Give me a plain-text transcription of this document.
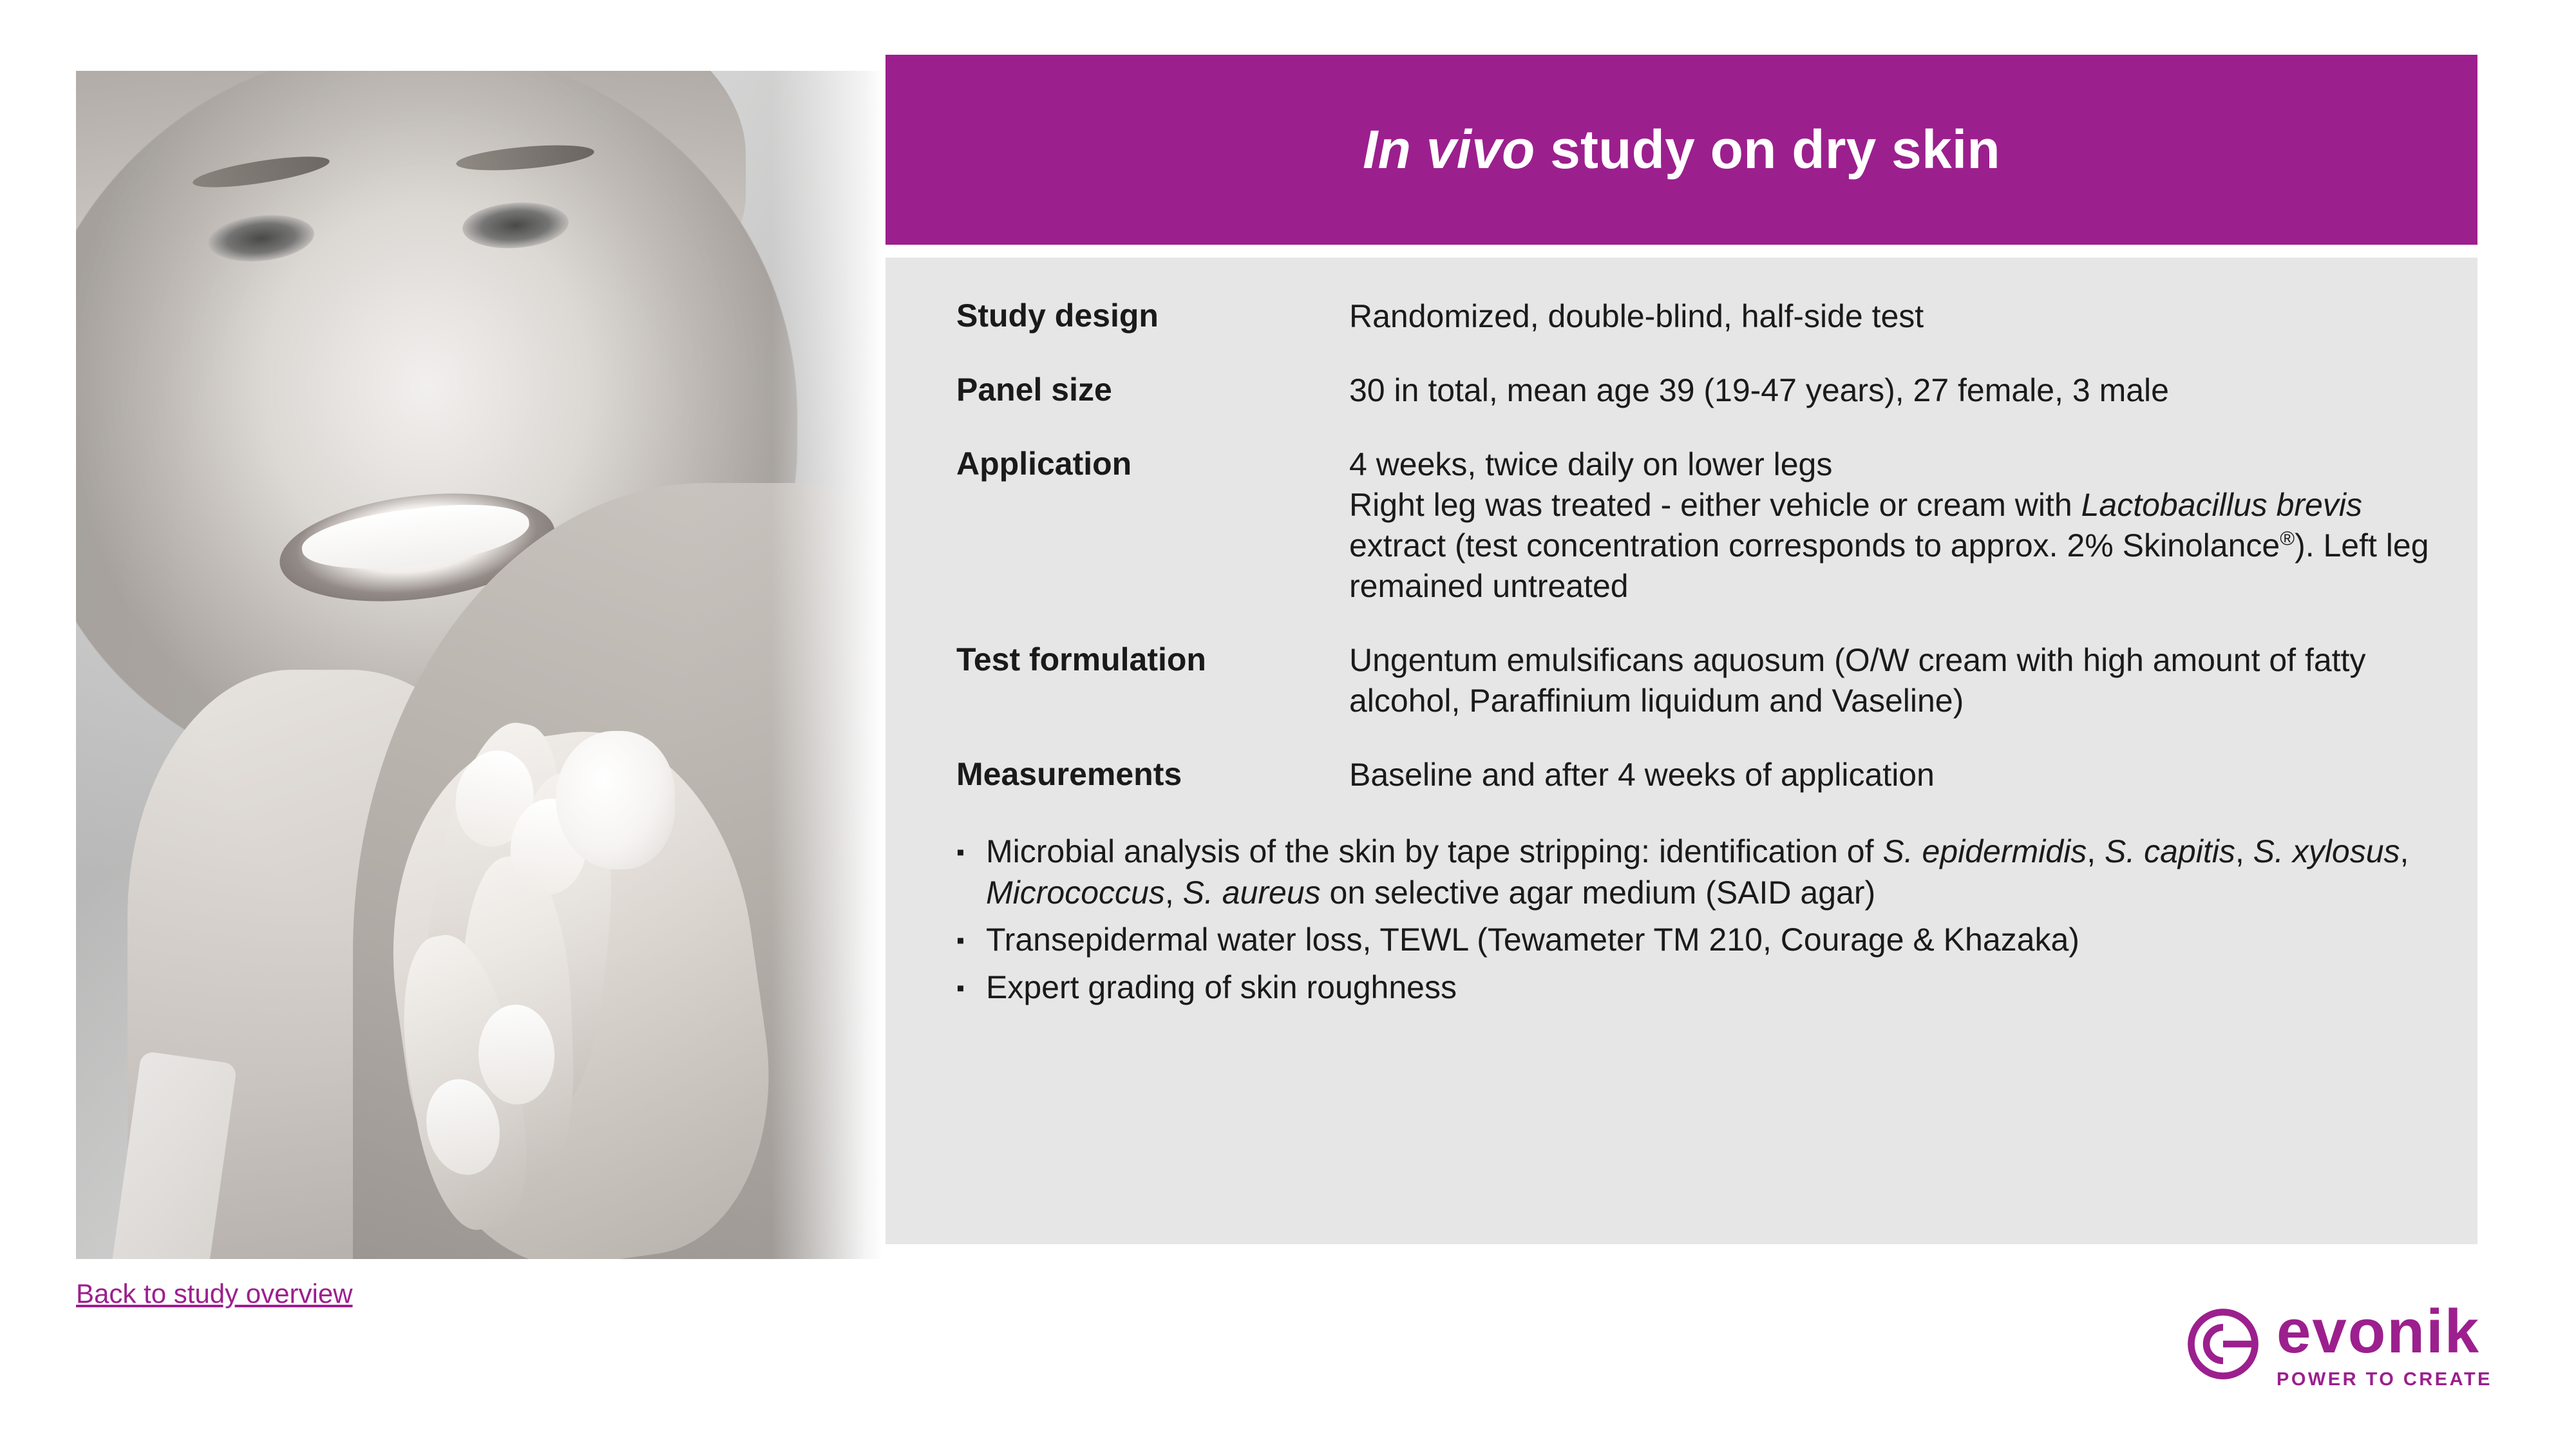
In vivo study on dry skin
Study design	Randomized, double-blind, half-side test
Panel size	30 in total, mean age 39 (19-47 years), 27 female, 3 male
Application	4 weeks, twice daily on lower legs
Right leg was treated - either vehicle or cream with Lactobacillus brevis extract (test concentration corresponds to approx. 2% Skinolance®). Left leg remained untreated
Test formulation	Ungentum emulsificans aquosum (O/W cream with high amount of fatty alcohol, Paraffinium liquidum and Vaseline)
Measurements	Baseline and after 4 weeks of application
▪ Microbial analysis of the skin by tape stripping: identification of S. epidermidis, S. capitis, S. xylosus, Micrococcus, S. aureus on selective agar medium (SAID agar)
▪ Transepidermal water loss, TEWL (Tewameter TM 210, Courage & Khazaka)
▪ Expert grading of skin roughness
Back to study overview
evonik
POWER TO CREATE
